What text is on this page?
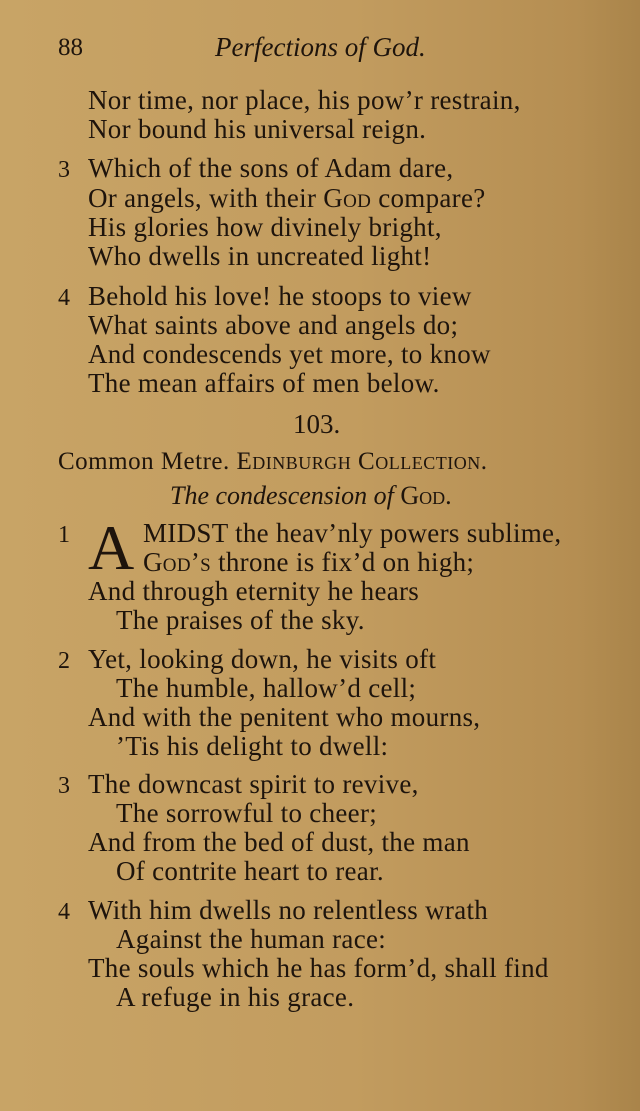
88	Perfections of God.
Nor time, nor place, his pow’r restrain,
Nor bound his universal reign.
3 Which of the sons of Adam dare,
Or angels, with their God compare?
His glories how divinely bright,
Who dwells in uncreated light!
4 Behold his love! he stoops to view
What saints above and angels do;
And condescends yet more, to know
The mean affairs of men below.
103.
Common Metre. Edinburgh Collection.
The condescension of God.
1 A MIDST the heav’nly powers sublime,
God’s throne is fix’d on high;
And through eternity he hears
The praises of the sky.
2 Yet, looking down, he visits oft
The humble, hallow’d cell;
And with the penitent who mourns,
’Tis his delight to dwell:
3 The downcast spirit to revive,
The sorrowful to cheer;
And from the bed of dust, the man
Of contrite heart to rear.
4 With him dwells no relentless wrath
Against the human race:
The souls which he has form’d, shall find
A refuge in his grace.
